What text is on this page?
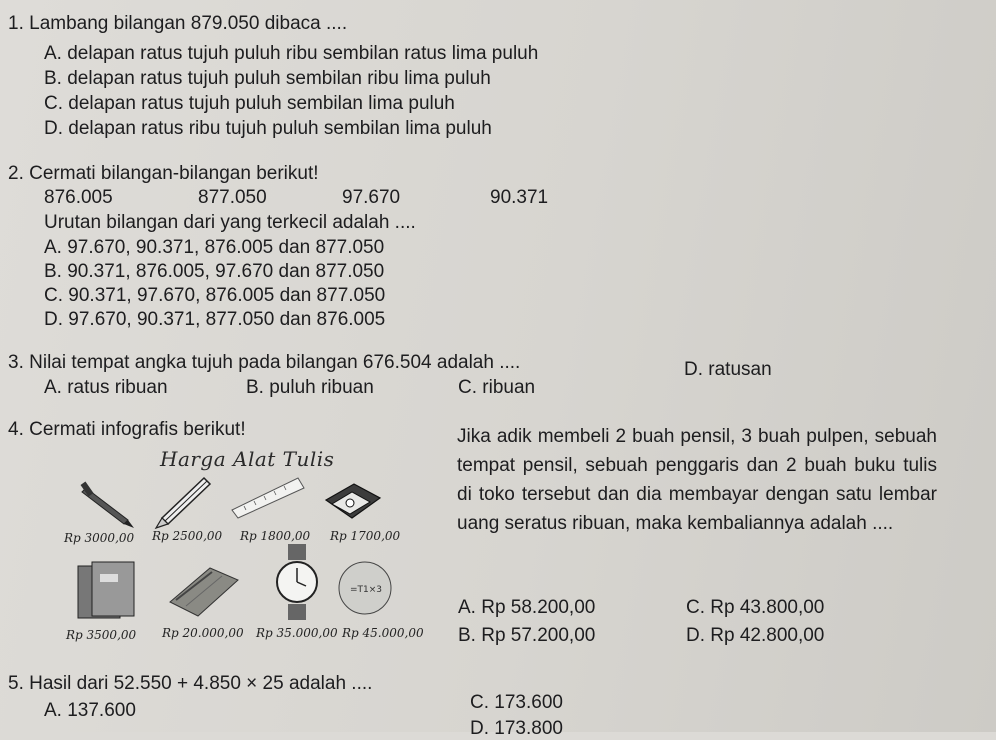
1. Lambang bilangan 879.050 dibaca ....
A. delapan ratus tujuh puluh ribu sembilan ratus lima puluh
B. delapan ratus tujuh puluh sembilan ribu lima puluh
C. delapan ratus tujuh puluh sembilan lima puluh
D. delapan ratus ribu tujuh puluh sembilan lima puluh
2. Cermati bilangan-bilangan berikut!
876.005	877.050	97.670	90.371
Urutan bilangan dari yang terkecil adalah ....
A. 97.670, 90.371, 876.005 dan 877.050
B. 90.371, 876.005, 97.670 dan 877.050
C. 90.371, 97.670, 876.005 dan 877.050
D. 97.670, 90.371, 877.050 dan 876.005
3. Nilai tempat angka tujuh pada bilangan 676.504 adalah ....
A. ratus ribuan	B. puluh ribuan	C. ribuan
D. ratusan
4. Cermati infografis berikut!
Harga Alat Tulis
Rp 3000,00 Rp 2500,00 Rp 1800,00 Rp 1700,00
=T1×3
Rp 3500,00 Rp 20.000,00 Rp 35.000,00 Rp 45.000,00
Jika adik membeli 2 buah pensil, 3 buah pulpen, sebuah tempat pensil, sebuah penggaris dan 2 buah buku tulis di toko tersebut dan dia membayar dengan satu lembar uang seratus ribuan, maka kembaliannya adalah ....
A. Rp 58.200,00	C. Rp 43.800,00
B. Rp 57.200,00	D. Rp 42.800,00
5. Hasil dari 52.550 + 4.850 × 25 adalah ....
A. 137.600	C. 173.600
D. 173.800
